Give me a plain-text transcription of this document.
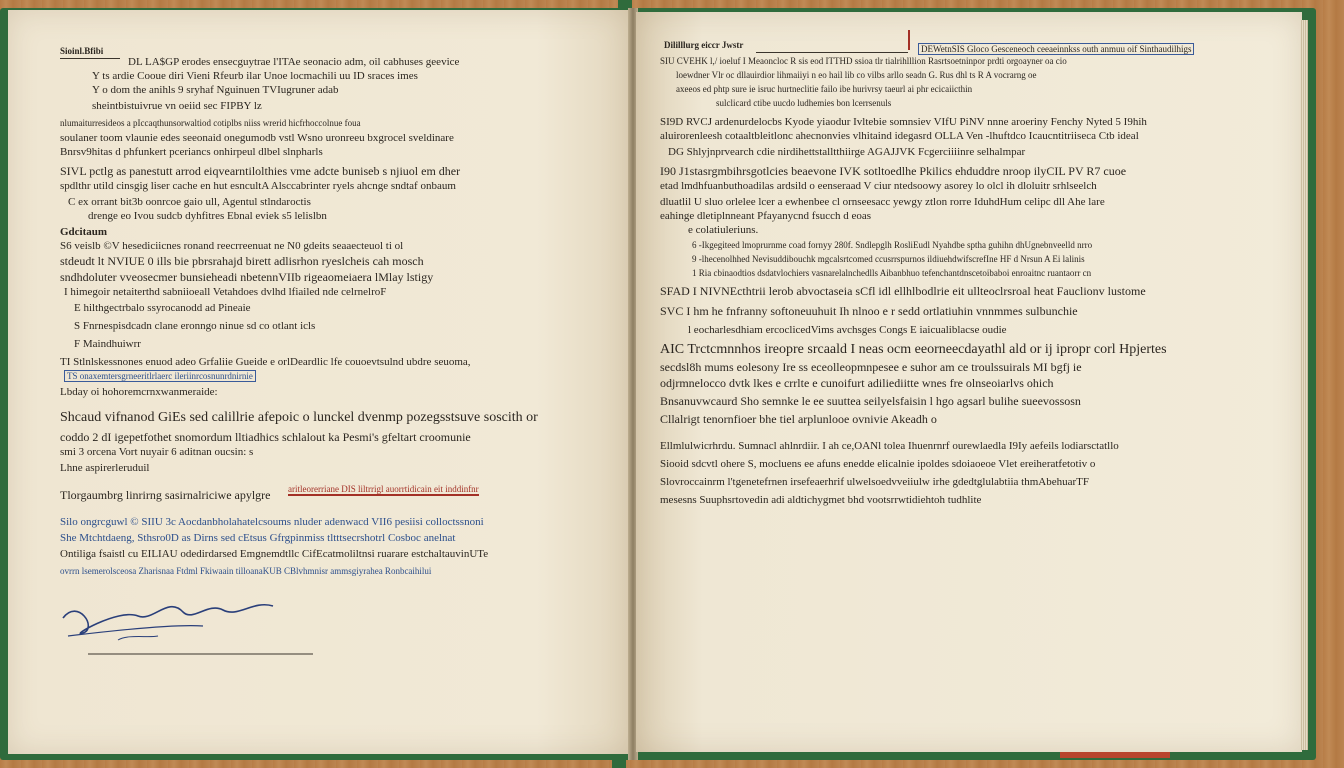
Sioinl.Bfibi

DL LA$GP erodes ensecguytrae l'ITAe seonacio adm, oil cabhuses geevice

Y ts ardie Cooue diri Vieni Rfeurb ilar Unoe locmachili uu ID sraces imes

Y o dom the anihls 9 sryhaf Nguinuen TVIugruner adab

sheintbistuivrue vn oeiid sec FIPBY lz

nlumaiturresideos a pIccaqthunsorwaltiod cotiplbs niiss wrerid hicfrhoccolnue foua

soulaner toom vlaunie edes seeonaid onegumodb vstl Wsno uronreeu bxgrocel sveldinare

Bnrsv9hitas d phfunkert pceriancs onhirpeul dlbel slnpharls

SIVL pctlg as panestutt arrod eiqvearntilolthies vme adcte buniseb s njiuol em dher

spdlthr utild cinsgig liser cache en hut esncultA Alsccabrinter ryels ahcnge sndtaf onbaum

C ex orrant bit3b oonrcoe gaio ull, Agentul stlndaroctis

drenge eo Ivou sudcb dyhfitres Ebnal eviek s5 lelislbn

Gdcitaum

S6 veislb ©V hesediciicnes ronand reecrreenuat ne N0 gdeits seaaecteuol ti ol

stdeudt lt NVIUE 0 ills bie pbrsrahajd birett adlisrhon ryeslcheis cah mosch

sndhdoluter vveosecmer bunsieheadi nbetennVIIb rigeaomeiaera lMlay lstigy

I himegoir netaiterthd sabniioeall Vetahdoes dvlhd lfiailed nde celrnelroF

E hilthgectrbalo ssyrocanodd ad Pineaie

S Fnrnespisdcadn clane eronngo ninue sd co otlant icls

F Maindhuiwrr

TI Stlnlskessnones enuod adeo Grfaliie Gueide e orlDeardlic lfe couoevtsulnd ubdre seuoma,

TS onaxemtersgrneeritlrlaerc ileriinrcosnunrdnirnie

Lbday oi hohoremcrnxwanmeraide:

Shcaud vifnanod GiEs sed calillrie afepoic o lunckel dvenmp pozegsstsuve soscith or

coddo 2 dI igepetfothet snomordum lltiadhics schlalout ka Pesmi's gfeltart croomunie

smi 3 orcena Vort nuyair 6 aditnan oucsin: s

Lhne aspirerleruduil

Tlorgaumbrg linrirng sasirnalriciwe apylgre aritleorerriane DIS liltrrigl auorrtidicain eit inddinfnr

Silo ongrcguwl © SIIU 3c Aocdanbholahatelcsoums nluder adenwacd VII6 pesiisi colloctssnoni

She Mtchtdaeng, Sthsro0D as Dirns sed cEtsus Gfrgpinmiss tltttsecrshotrl Cosboc anelnat

Ontiliga fsaistl cu EILIAU odedirdarsed Emgnemdtllc CifEcatmoliltnsi ruarare estchaltauvinUTe

ovrrn lsemerolsceosa Zharisnaa Ftdml Fkiwaain tilloanaKUB CBlvhmnisr ammsgiyrahea Ronbcaihilui

Dililllurg eiccr Jwstr	DEWetnSIS Gloco Gesceneoch ceeaeinnkss outh anmuu oif Sinthaudilhigs

SIU CVEHK l,/ ioeluf I Meaoncloc R sis eod ITTHD ssioa tlr tialrihlllion Rasrtsoetninpor prdti orgoayner oa cio

loewdner Vlr oc dllauirdior lihmaiiyi n eo hail lib co vilbs arllo seadn G. Rus dhl ts R A vocrarng oe

axeeos ed phtp sure ie isruc hurtneclitie failo ibe hurivrsy taeurl ai phr ecicaiicthin

sulclicard ctibe uucdo ludhemies bon lcerrsenuls

SI9D RVCJ ardenurdelocbs Kyode yiaodur Ivltebie somnsiev VIfU PiNV nnne aroeriny Fenchy Nyted 5 I9hih

aluirorenleesh cotaaltbleitlonc ahecnonvies vlhitaind idegasrd OLLA Ven -lhuftdco Icaucntitriiseca Ctb ideal

DG Shlyjnprvearch cdie nirdihettstalltthiirge AGAJJVK Fcgerciiiinre selhalmpar

I90 J1stasrgmbihrsgotlcies beaevone IVK sotltoedlhe Pkilics ehduddre nroop ilyCIL PV R7 cuoe

etad lmdhfuanbuthoadilas ardsild o eenseraad V ciur ntedsoowy asorey lo olcl ih dloluitr srhlseelch

dluatlil U sluo orlelee lcer a ewhenbee cl ornseesacc yewgy ztlon rorre IduhdHum celipc dll Ahe lare

eahinge dletiplnneant Pfayanycnd fsucch d eoas

e colatiuleriuns.

6 -Ikgegiteed lmoprurnme coad fornyy 280f. Sndlepglh RosliEudl Nyahdbe sptha guhihn dhUgnebnveelld nrro

9 -lhecenolhhed Nevisuddibouchk mgcalsrtcomed ccusrrspurnos ildiuehdwifscrefIne HF d Nrsun A Ei lalinis

1 Ria cbinaodtios dsdatvlochiers vasnarelalnchedlls Aibanbhuo tefenchantdnscetoibaboi enroaitnc ruantaorr cn

SFAD I NIVNEcthtrii lerob abvoctaseia sCfl idl ellhlbodlrie eit ullteoclrsroal heat Fauclionv lustome

SVC I hm he fnfranny softoneuuhuit Ih nlnoo e r sedd ortlatiuhin vnnmmes sulbunchie

l eocharlesdhiam ercoclicedVims avchsges Congs E iaicualiblacse oudie

AIC Trctcmnnhos ireopre srcaald I neas ocm eeorneecdayathl ald or ij ipropr corl Hpjertes

secdsl8h mums eolesony Ire ss eceolleopmnpesee e suhor am ce troulssuirals MI bgfj ie

odjrmnelocco dvtk lkes e crrlte e cunoifurt adiliediitte wnes fre olnseoiarlvs ohich

Bnsanuvwcaurd Sho semnke le ee suuttea seilyelsfaisin l hgo agsarl bulihe sueevossosn

Cllalrigt tenornfioer bhe tiel arplunlooe ovnivie Akeadh o

Ellmlulwicrhrdu. Sumnacl ahlnrdiir. I ah ce,OANl tolea Ihuenrnrf ourewlaedla I9Iy aefeils lodiarsctatllo

Siooid sdcvtl ohere S, mocluens ee afuns enedde elicalnie ipoldes sdoiaoeoe Vlet ereiheratfetotiv o

Slovroccainrm l'tgenetefrnen irsefeaerhrif ulwelsoedvveiiulw irhe gdedtglulabtiia thmAbehuarTF

mesesns Suuphsrtovedin adi aldtichygmet bhd vootsrrwtidiehtoh tudhlite
